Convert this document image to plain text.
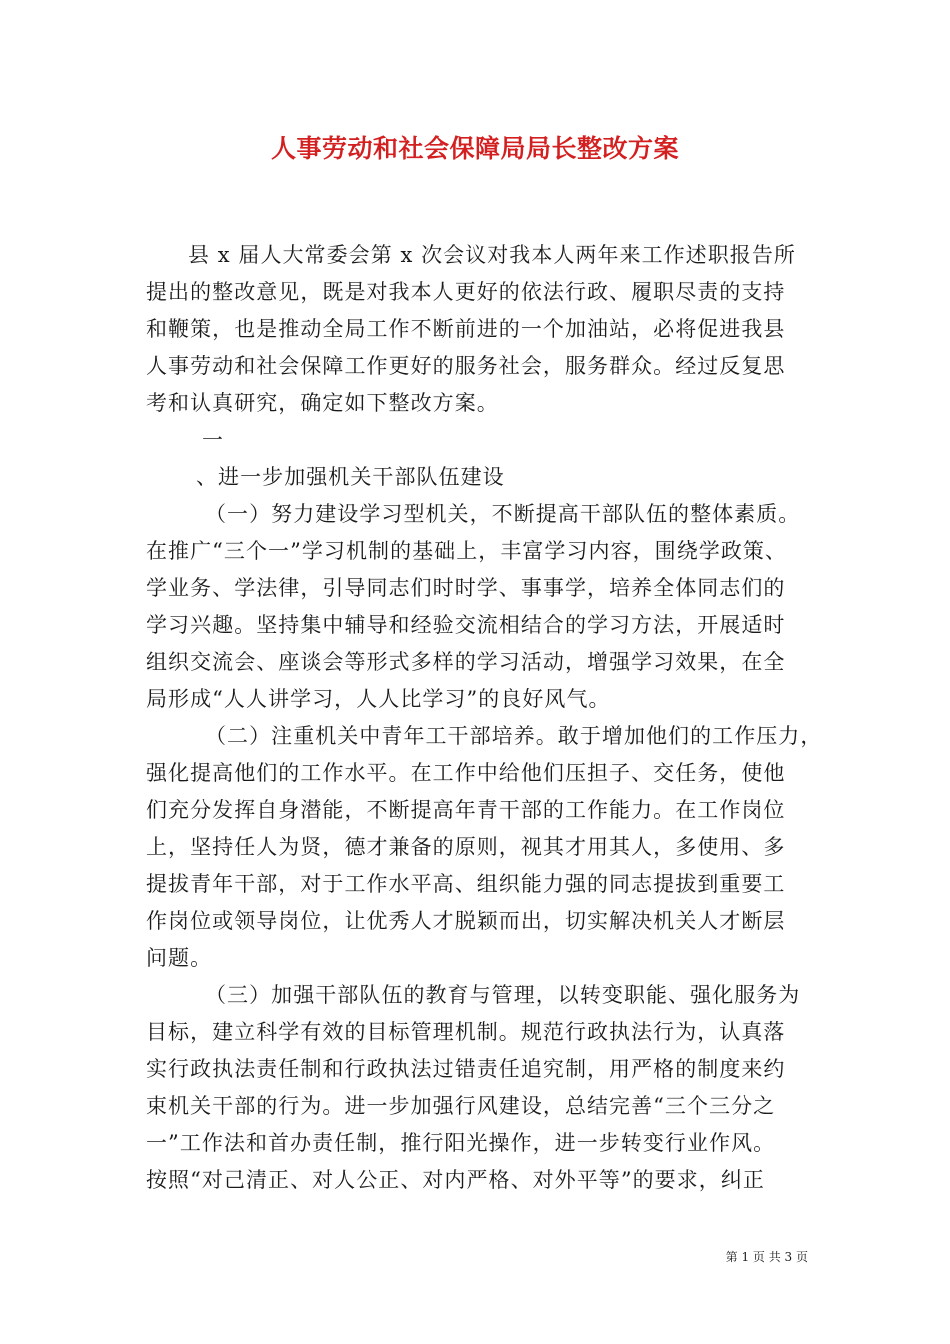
人事劳动和社会保障局局长整改方案
县 x 届人大常委会第 x 次会议对我本人两年来工作述职报告所
提出的整改意见，既是对我本人更好的依法行政、履职尽责的支持
和鞭策，也是推动全局工作不断前进的一个加油站，必将促进我县
人事劳动和社会保障工作更好的服务社会，服务群众。经过反复思
考和认真研究，确定如下整改方案。
一
、进一步加强机关干部队伍建设
（一）努力建设学习型机关，不断提高干部队伍的整体素质。
在推广“三个一”学习机制的基础上，丰富学习内容，围绕学政策、
学业务、学法律，引导同志们时时学、事事学，培养全体同志们的
学习兴趣。坚持集中辅导和经验交流相结合的学习方法，开展适时
组织交流会、座谈会等形式多样的学习活动，增强学习效果，在全
局形成“人人讲学习，人人比学习”的良好风气。
（二）注重机关中青年工干部培养。敢于增加他们的工作压力，
强化提高他们的工作水平。在工作中给他们压担子、交任务，使他
们充分发挥自身潜能，不断提高年青干部的工作能力。在工作岗位
上，坚持任人为贤，德才兼备的原则，视其才用其人，多使用、多
提拔青年干部，对于工作水平高、组织能力强的同志提拔到重要工
作岗位或领导岗位，让优秀人才脱颖而出，切实解决机关人才断层
问题。
（三）加强干部队伍的教育与管理，以转变职能、强化服务为
目标，建立科学有效的目标管理机制。规范行政执法行为，认真落
实行政执法责任制和行政执法过错责任追究制，用严格的制度来约
束机关干部的行为。进一步加强行风建设，总结完善“三个三分之
一”工作法和首办责任制，推行阳光操作，进一步转变行业作风。
按照“对己清正、对人公正、对内严格、对外平等”的要求，纠正
第 1 页 共 3 页
